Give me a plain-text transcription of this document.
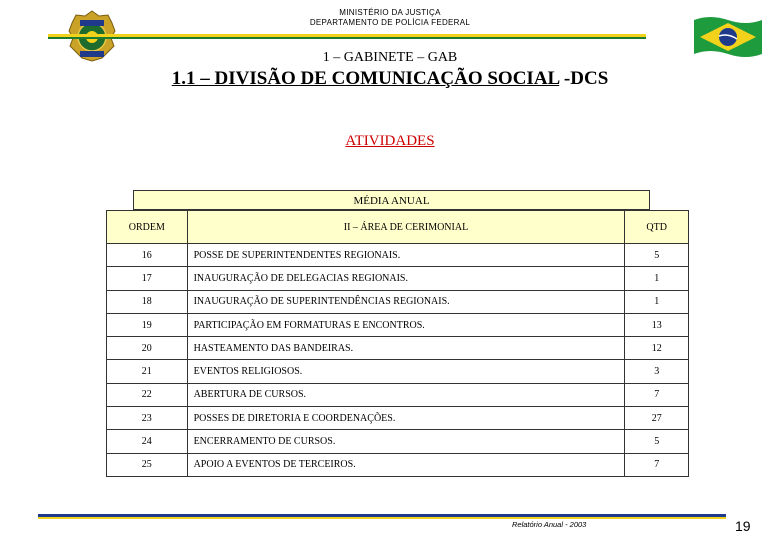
MINISTÉRIO DA JUSTIÇA
DEPARTAMENTO DE POLÍCIA FEDERAL
1 – GABINETE – GAB
1.1 – DIVISÃO DE COMUNICAÇÃO SOCIAL -DCS
ATIVIDADES
MÉDIA ANUAL
ORDEM	II – ÁREA DE CERIMONIAL	QTD
16	POSSE DE SUPERINTENDENTES REGIONAIS.	5
17	INAUGURAÇÃO DE DELEGACIAS REGIONAIS.	1
18	INAUGURAÇÃO DE SUPERINTENDÊNCIAS REGIONAIS.	1
19	PARTICIPAÇÃO EM FORMATURAS E ENCONTROS.	13
20	HASTEAMENTO DAS BANDEIRAS.	12
21	EVENTOS RELIGIOSOS.	3
22	ABERTURA DE CURSOS.	7
23	POSSES DE DIRETORIA E COORDENAÇÕES.	27
24	ENCERRAMENTO DE CURSOS.	5
25	APOIO A EVENTOS DE TERCEIROS.	7
Relatório Anual - 2003	19
